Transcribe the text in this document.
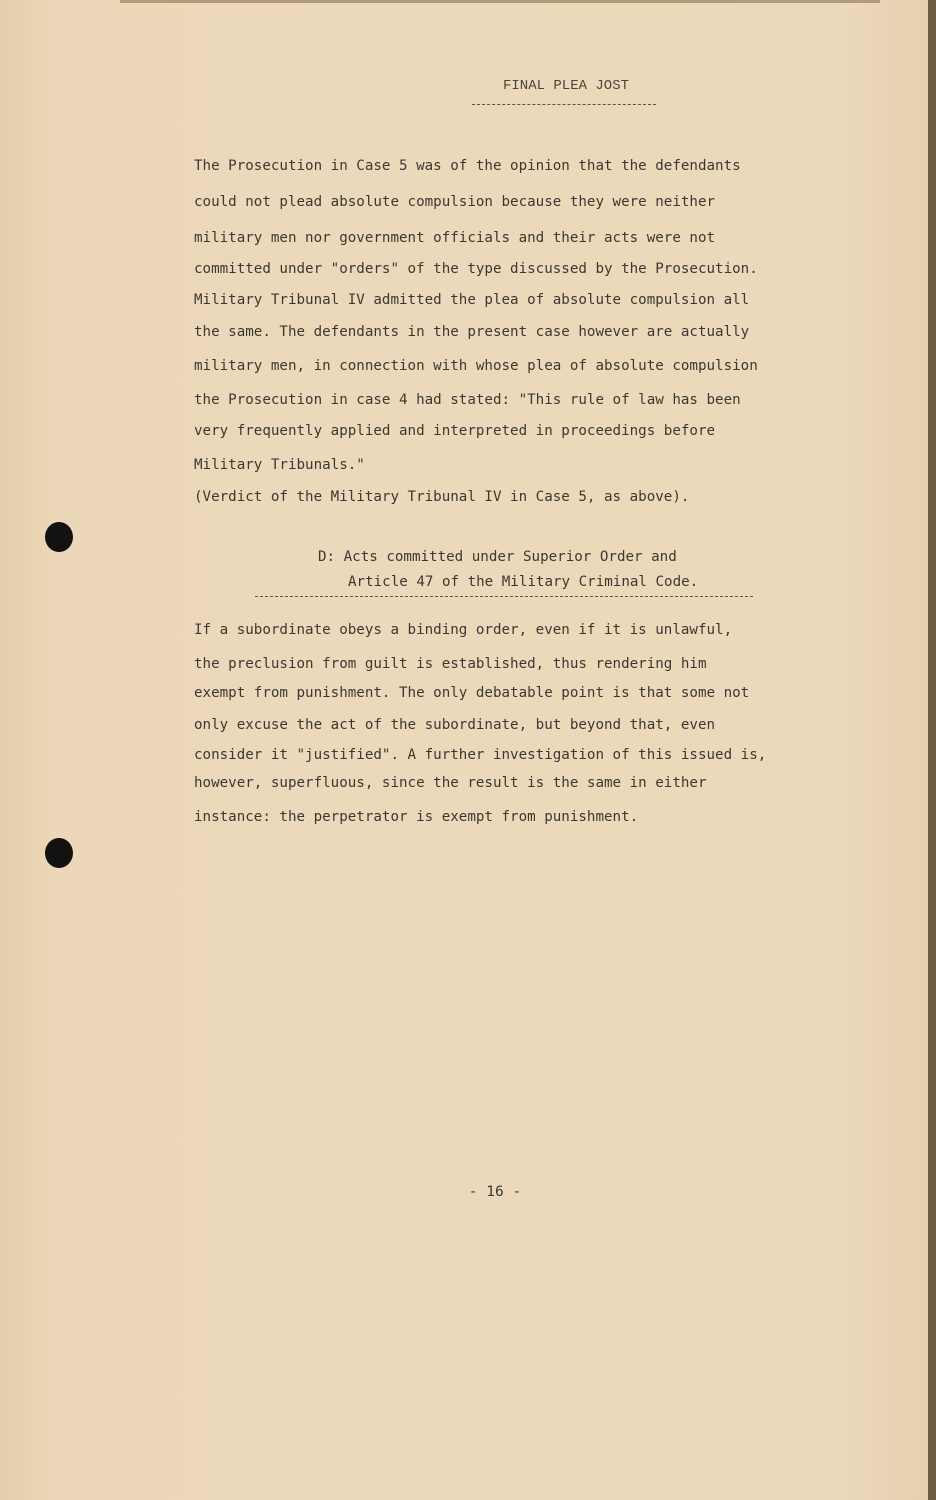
FINAL PLEA JOST
The Prosecution in Case 5 was of the opinion that the defendants
could not plead absolute compulsion because they were neither
military men nor government officials and their acts were not
committed under "orders" of the type discussed by the Prosecution.
Military Tribunal IV admitted the plea of absolute compulsion all
the same. The defendants in the present case however are actually
military men, in connection with whose plea of absolute compulsion
the Prosecution in case 4 had stated: "This rule of law has been
very frequently applied and interpreted in proceedings before
Military Tribunals."
(Verdict of the Military Tribunal IV in Case 5, as above).
D: Acts committed under Superior Order and
Article 47 of the Military Criminal Code.
If a subordinate obeys a binding order, even if it is unlawful,
the preclusion from guilt is established, thus rendering him
exempt from punishment. The only debatable point is that some not
only excuse the act of the subordinate, but beyond that, even
consider it "justified". A further investigation of this issued is,
however, superfluous, since the result is the same in either
instance: the perpetrator is exempt from punishment.
- 16 -
